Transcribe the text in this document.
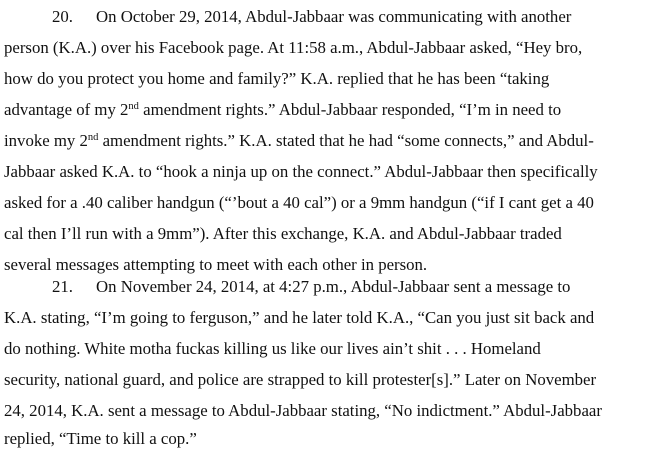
20. On October 29, 2014, Abdul-Jabbaar was communicating with another
person (K.A.) over his Facebook page. At 11:58 a.m., Abdul-Jabbaar asked, “Hey bro,
how do you protect you home and family?” K.A. replied that he has been “taking
advantage of my 2nd amendment rights.” Abdul-Jabbaar responded, “I’m in need to
invoke my 2nd amendment rights.” K.A. stated that he had “some connects,” and Abdul-
Jabbaar asked K.A. to “hook a ninja up on the connect.” Abdul-Jabbaar then specifically
asked for a .40 caliber handgun (“’bout a 40 cal”) or a 9mm handgun (“if I cant get a 40
cal then I’ll run with a 9mm”). After this exchange, K.A. and Abdul-Jabbaar traded
several messages attempting to meet with each other in person.
21. On November 24, 2014, at 4:27 p.m., Abdul-Jabbaar sent a message to
K.A. stating, “I’m going to ferguson,” and he later told K.A., “Can you just sit back and
do nothing. White motha fuckas killing us like our lives ain’t shit . . . Homeland
security, national guard, and police are strapped to kill protester[s].” Later on November
24, 2014, K.A. sent a message to Abdul-Jabbaar stating, “No indictment.” Abdul-Jabbaar
replied, “Time to kill a cop.”
